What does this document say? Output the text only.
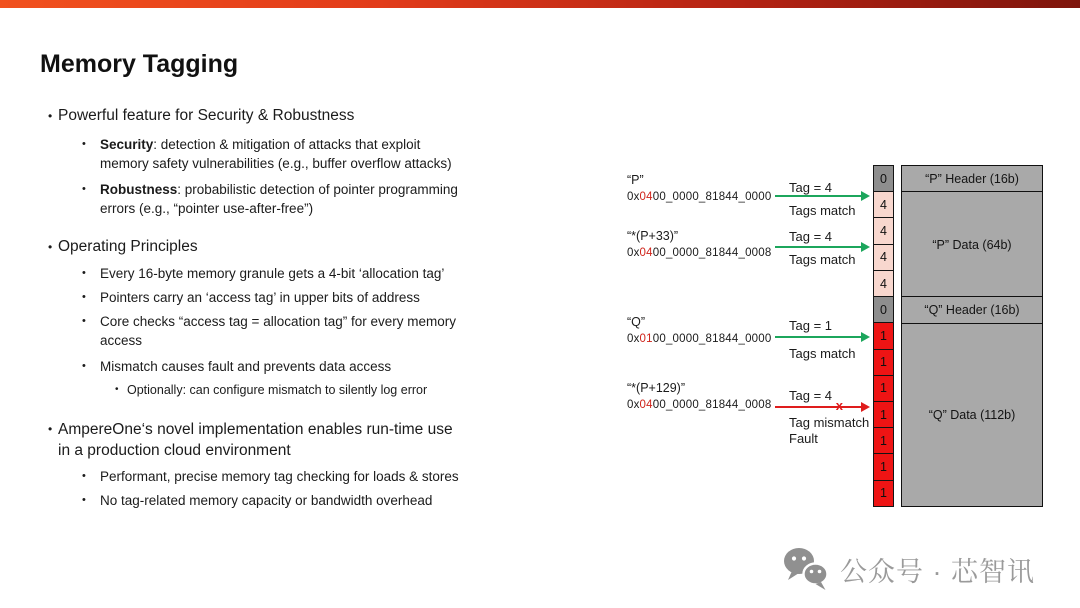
Memory Tagging
• Powerful feature for Security & Robustness
•	Security: detection & mitigation of attacks that exploit
memory safety vulnerabilities (e.g., buffer overflow attacks)
•	Robustness: probabilistic detection of pointer programming
errors (e.g., “pointer use-after-free”)
• Operating Principles
•	Every 16-byte memory granule gets a 4-bit ‘allocation tag’
•	Pointers carry an ‘access tag’ in upper bits of address
•	Core checks “access tag = allocation tag” for every memory
access
•	Mismatch causes fault and prevents data access
• Optionally: can configure mismatch to silently log error
• AmpereOne‘s novel implementation enables run-time use
in a production cloud environment
•	Performant, precise memory tag checking for loads & stores
•	No tag-related memory capacity or bandwidth overhead
“P”
0x0400_0000_81844_0000
“*(P+33)”
0x0400_0000_81844_0008
“Q”
0x0100_0000_81844_0000
“*(P+129)”
0x0400_0000_81844_0008
Tag = 4
Tags match
Tag = 4
Tags match
Tag = 1
Tags match
Tag = 4
Tag mismatch
Fault
x
0
4
4
4
4
0
1
1
1
1
1
1
1
“P” Header (16b)
“P” Data (64b)
“Q” Header (16b)
“Q” Data (112b)
公众号 · 芯智讯
